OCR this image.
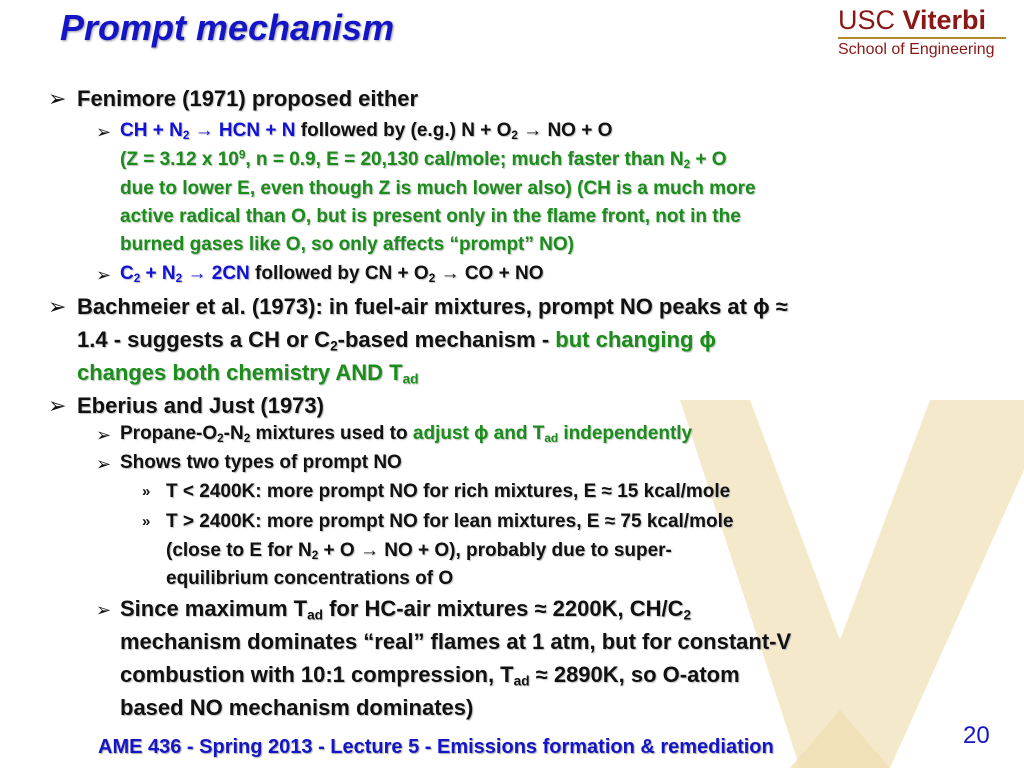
Prompt mechanism	USC Viterbi
School of Engineering
➢ Fenimore (1971) proposed either
➢ CH + $N_2$ → HCN + N followed by (e.g.) $N + O_2$ → NO + O
(Z = 3.12 x $10^9$, n = 0.9, E = 20,130 cal/mole; much faster than $N_2 + O$
due to lower E, even though Z is much lower also) (CH is a much more
active radical than O, but is present only in the flame front, not in the
burned gases like O, so only affects “prompt” NO)
➢ $C_2 + N_2 \to 2CN$ followed by CN + $O_2$ → CO + NO
➢ Bachmeier et al. (1973): in fuel-air mixtures, prompt NO peaks at ϕ ≈
1.4 - suggests a CH or $C_2$-based mechanism - but changing ϕ
changes both chemistry AND $T_{ad}$
➢ Eberius and Just (1973)
➢ Propane-$O_2-N_2$ mixtures used to adjust ϕ and $T_{ad}$ independently
➢ Shows two types of prompt NO
» T < 2400K: more prompt NO for rich mixtures, E ≈ 15 kcal/mole
» T > 2400K: more prompt NO for lean mixtures, E ≈ 75 kcal/mole
(close to E for $N_2 + O$ → NO + O), probably due to super-
equilibrium concentrations of O
➢ Since maximum $T_{ad}$ for HC-air mixtures ≈ 2200K, $CH/C_2$
mechanism dominates “real” flames at 1 atm, but for constant-V
combustion with 10:1 compression, $T_{ad} \approx 2890K$, so O-atom
based NO mechanism dominates)
AME 436 - Spring 2013 - Lecture 5 - Emissions formation & remediation	20
